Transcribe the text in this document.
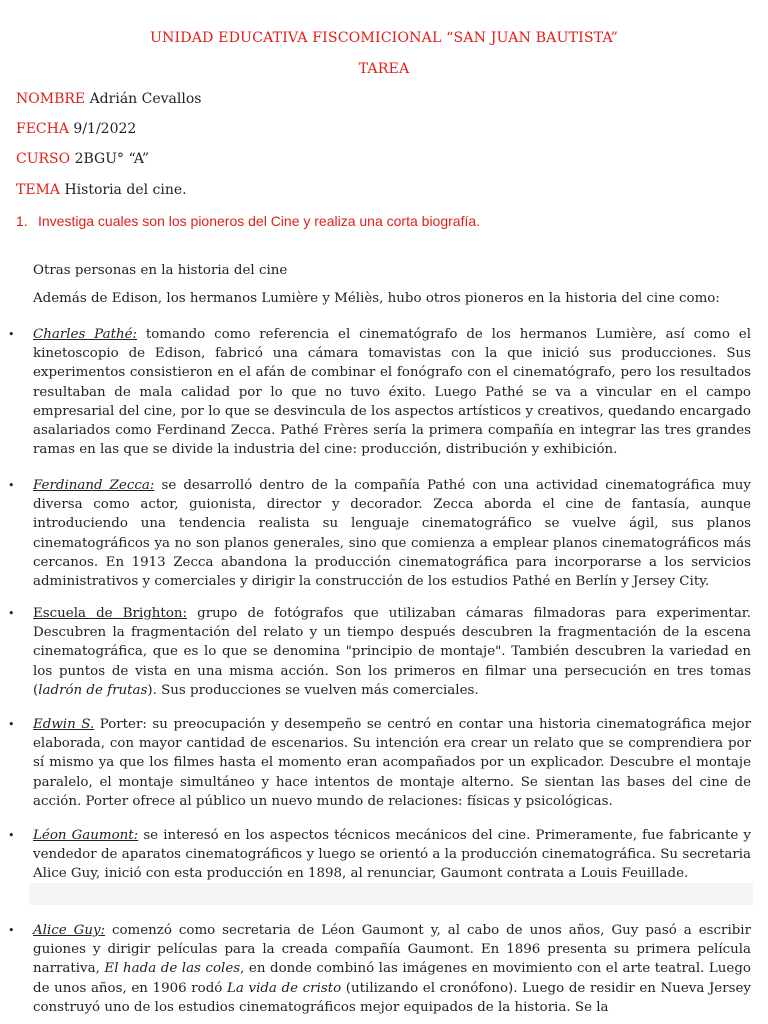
UNIDAD EDUCATIVA FISCOMICIONAL “SAN JUAN BAUTISTA”
TAREA
NOMBRE Adrián Cevallos
FECHA 9/1/2022
CURSO 2BGU° “A”
TEMA Historia del cine.
1. Investiga cuales son los pioneros del Cine y realiza una corta biografía.
Otras personas en la historia del cine
Además de Edison, los hermanos Lumière y Méliès, hubo otros pioneros en la historia del cine como:
• Charles Pathé: tomando como referencia el cinematógrafo de los hermanos Lumière, así como el kinetoscopio de Edison, fabricó una cámara tomavistas con la que inició sus producciones. Sus experimentos consistieron en el afán de combinar el fonógrafo con el cinematógrafo, pero los resultados resultaban de mala calidad por lo que no tuvo éxito. Luego Pathé se va a vincular en el campo empresarial del cine, por lo que se desvincula de los aspectos artísticos y creativos, quedando encargado asalariados como Ferdinand Zecca. Pathé Frères sería la primera compañía en integrar las tres grandes ramas en las que se divide la industria del cine: producción, distribución y exhibición.
• Ferdinand Zecca: se desarrolló dentro de la compañía Pathé con una actividad cinematográfica muy diversa como actor, guionista, director y decorador. Zecca aborda el cine de fantasía, aunque introduciendo una tendencia realista su lenguaje cinematográfico se vuelve ágil, sus planos cinematográficos ya no son planos generales, sino que comienza a emplear planos cinematográficos más cercanos. En 1913 Zecca abandona la producción cinematográfica para incorporarse a los servicios administrativos y comerciales y dirigir la construcción de los estudios Pathé en Berlín y Jersey City.
• Escuela de Brighton: grupo de fotógrafos que utilizaban cámaras filmadoras para experimentar. Descubren la fragmentación del relato y un tiempo después descubren la fragmentación de la escena cinematográfica, que es lo que se denomina "principio de montaje". También descubren la variedad en los puntos de vista en una misma acción. Son los primeros en filmar una persecución en tres tomas (ladrón de frutas). Sus producciones se vuelven más comerciales.
• Edwin S. Porter: su preocupación y desempeño se centró en contar una historia cinematográfica mejor elaborada, con mayor cantidad de escenarios. Su intención era crear un relato que se comprendiera por sí mismo ya que los filmes hasta el momento eran acompañados por un explicador. Descubre el montaje paralelo, el montaje simultáneo y hace intentos de montaje alterno. Se sientan las bases del cine de acción. Porter ofrece al público un nuevo mundo de relaciones: físicas y psicológicas.
• Léon Gaumont: se interesó en los aspectos técnicos mecánicos del cine. Primeramente, fue fabricante y vendedor de aparatos cinematográficos y luego se orientó a la producción cinematográfica. Su secretaria Alice Guy, inició con esta producción en 1898, al renunciar, Gaumont contrata a Louis Feuillade.
• Alice Guy: comenzó como secretaria de Léon Gaumont y, al cabo de unos años, Guy pasó a escribir guiones y dirigir películas para la creada compañía Gaumont. En 1896 presenta su primera película narrativa, El hada de las coles, en donde combinó las imágenes en movimiento con el arte teatral. Luego de unos años, en 1906 rodó La vida de cristo (utilizando el cronófono). Luego de residir en Nueva Jersey construyó uno de los estudios cinematográficos mejor equipados de la historia. Se la
